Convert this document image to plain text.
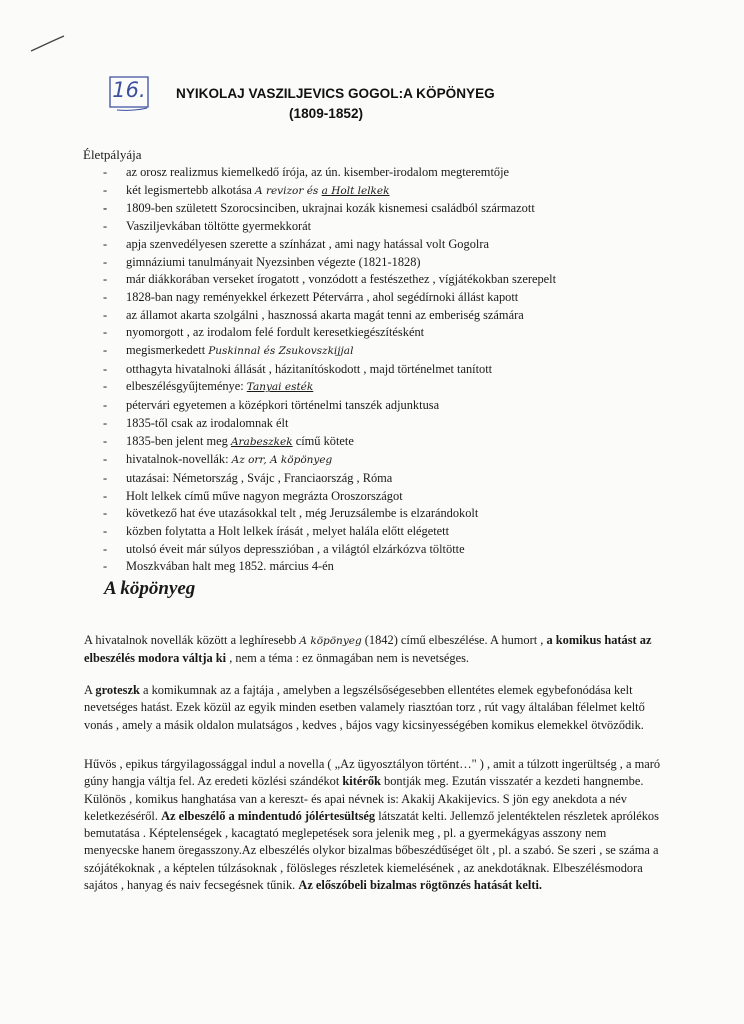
16.	NYIKOLAJ VASZILJEVICS GOGOL:A KÖPÖNYEG
(1809-1852)
Életpályája
- az orosz realizmus kiemelkedő írója, az ún. kisember-irodalom megteremtője
- két legismertebb alkotása A revizor és a Holt lelkek
- 1809-ben született Szorocsinciben, ukrajnai kozák kisnemesi családból származott
- Vasziljevkában töltötte gyermekkorát
- apja szenvedélyesen szerette a színházat , ami nagy hatással volt Gogolra
- gimnáziumi tanulmányait Nyezsinben végezte (1821-1828)
- már diákkorában verseket írogatott , vonzódott a festészethez , vígjátékokban szerepelt
- 1828-ban nagy reményekkel érkezett Pétervárra , ahol segédírnoki állást kapott
- az államot akarta szolgálni , hasznossá akarta magát tenni az emberiség számára
- nyomorgott , az irodalom felé fordult keresetkiegészítésként
- megismerkedett Puskinnal és Zsukovszkijjal
- otthagyta hivatalnoki állását , házitanítóskodott , majd történelmet tanított
- elbeszélésgyűjteménye: Tanyai esték
- pétervári egyetemen a középkori történelmi tanszék adjunktusa
- 1835-től csak az irodalomnak élt
- 1835-ben jelent meg Arabeszkek című kötete
- hivatalnok-novellák: Az orr, A köpönyeg
- utazásai: Németország , Svájc , Franciaország , Róma
- Holt lelkek című műve nagyon megrázta Oroszországot
- következő hat éve utazásokkal telt , még Jeruzsálembe is elzarándokolt
- közben folytatta a Holt lelkek írását , melyet halála előtt elégetett
- utolsó éveit már súlyos depresszióban , a világtól elzárkózva töltötte
- Moszkvában halt meg 1852. március 4-én
A köpönyeg

A hivatalnok novellák között a leghíresebb A köpönyeg (1842) című elbeszélése. A humort , a komikus hatást az elbeszélés modora váltja ki , nem a téma : ez önmagában nem is nevetséges.

A groteszk a komikumnak az a fajtája , amelyben a legszélsőségesebben ellentétes elemek egybefonódása kelt nevetséges hatást. Ezek közül az egyik minden esetben valamely riasztóan torz , rút vagy általában félelmet keltő vonás , amely a másik oldalon mulatságos , kedves , bájos vagy kicsinyességében komikus elemekkel ötvöződik.

Hűvös , epikus tárgyilagossággal indul a novella ( „Az ügyosztályon történt…" ) , amit a túlzott ingerültség , a maró gúny hangja váltja fel. Az eredeti közlési szándékot kitérők bontják meg. Ezután visszatér a kezdeti hangnembe. Különös , komikus hanghatása van a kereszt- és apai névnek is: Akakij Akakijevics. S jön egy anekdota a név keletkezéséről. Az elbeszélő a mindentudó jólértesültség látszatát kelti. Jellemző jelentéktelen részletek aprólékos bemutatása . Képtelenségek , kacagtató meglepetések sora jelenik meg , pl. a gyermekágyas asszony nem menyecske hanem öregasszony.Az elbeszélés olykor bizalmas bőbeszédűséget ölt , pl. a szabó. Se szeri , se száma a szójátékoknak , a képtelen túlzásoknak , fölösleges részletek kiemelésének , az anekdotáknak. Elbeszélésmodora sajátos , hanyag és naiv fecsegésnek tűnik. Az előszóbeli bizalmas rögtönzés hatását kelti.
